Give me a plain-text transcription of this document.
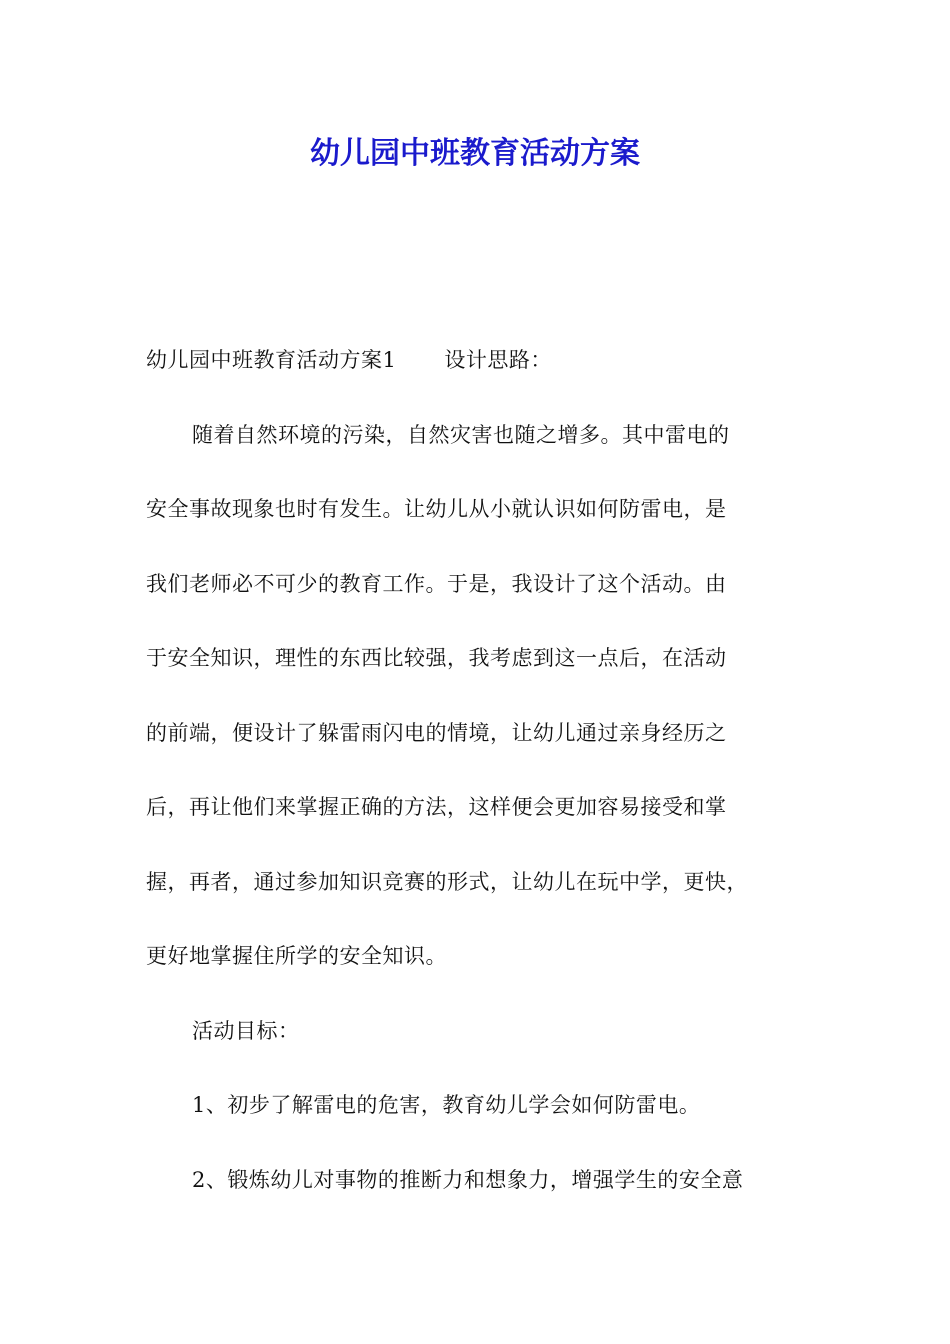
幼儿园中班教育活动方案

幼儿园中班教育活动方案1 设计思路：

随着自然环境的污染，自然灾害也随之增多。其中雷电的

安全事故现象也时有发生。让幼儿从小就认识如何防雷电，是

我们老师必不可少的教育工作。于是，我设计了这个活动。由

于安全知识，理性的东西比较强，我考虑到这一点后，在活动

的前端，便设计了躲雷雨闪电的情境，让幼儿通过亲身经历之

后，再让他们来掌握正确的方法，这样便会更加容易接受和掌

握，再者，通过参加知识竞赛的形式，让幼儿在玩中学，更快，

更好地掌握住所学的安全知识。

活动目标：

1、初步了解雷电的危害，教育幼儿学会如何防雷电。

2、锻炼幼儿对事物的推断力和想象力，增强学生的安全意
